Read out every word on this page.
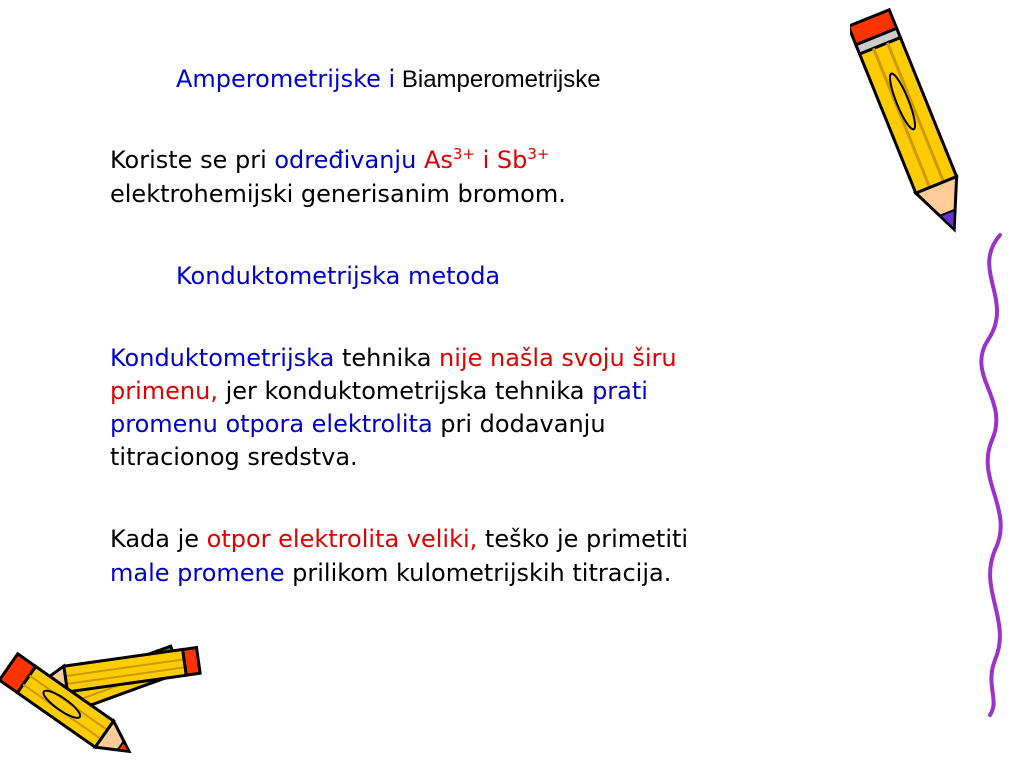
Amperometrijske i Biamperometrijske
Koriste se pri određivanju $As^{3+}$ i $Sb^{3+}$
elektrohemijski generisanim bromom.
Konduktometrijska metoda
Konduktometrijska tehnika nije našla svoju širu
primenu, jer konduktometrijska tehnika prati
promenu otpora elektrolita pri dodavanju
titracionog sredstva.
Kada je otpor elektrolita veliki, teško je primetiti
male promene prilikom kulometrijskih titracija.
